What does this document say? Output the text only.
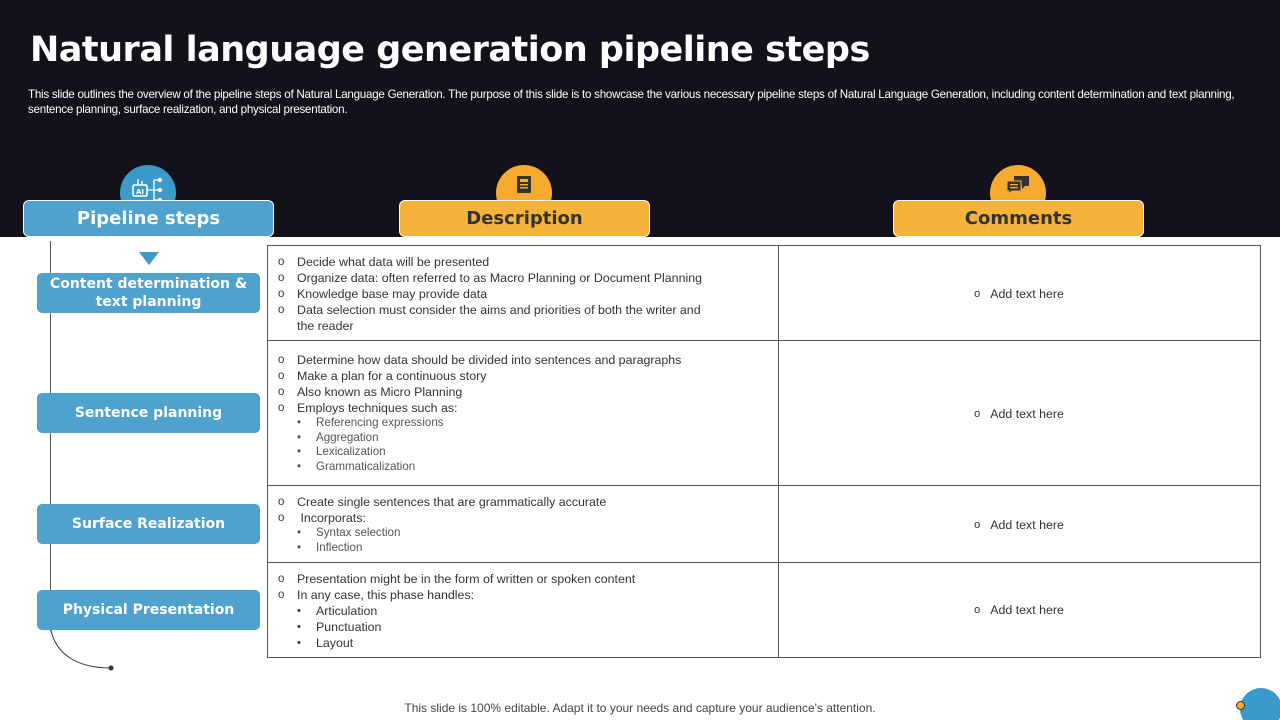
Natural language generation pipeline steps
This slide outlines the overview of the pipeline steps of Natural Language Generation. The purpose of this slide is to showcase the various necessary pipeline steps of Natural Language Generation, including content determination and text planning, sentence planning, surface realization, and physical presentation.
AI
Pipeline steps	Description	Comments
Content determination & text planning
Sentence planning
Surface Realization
Physical Presentation
o Decide what data will be presented
o Organize data: often referred to as Macro Planning or Document Planning
o Knowledge base may provide data
o Data selection must consider the aims and priorities of both the writer and the reader
o Add text here
o Determine how data should be divided into sentences and paragraphs
o Make a plan for a continuous story
o Also known as Micro Planning
o Employs techniques such as:
• Referencing expressions
• Aggregation
• Lexicalization
• Grammaticalization
o Add text here
o Create single sentences that are grammatically accurate
o  Incorporats:
• Syntax selection
• Inflection
o Add text here
o Presentation might be in the form of written or spoken content
o In any case, this phase handles:
• Articulation
• Punctuation
• Layout
o Add text here
This slide is 100% editable. Adapt it to your needs and capture your audience's attention.
